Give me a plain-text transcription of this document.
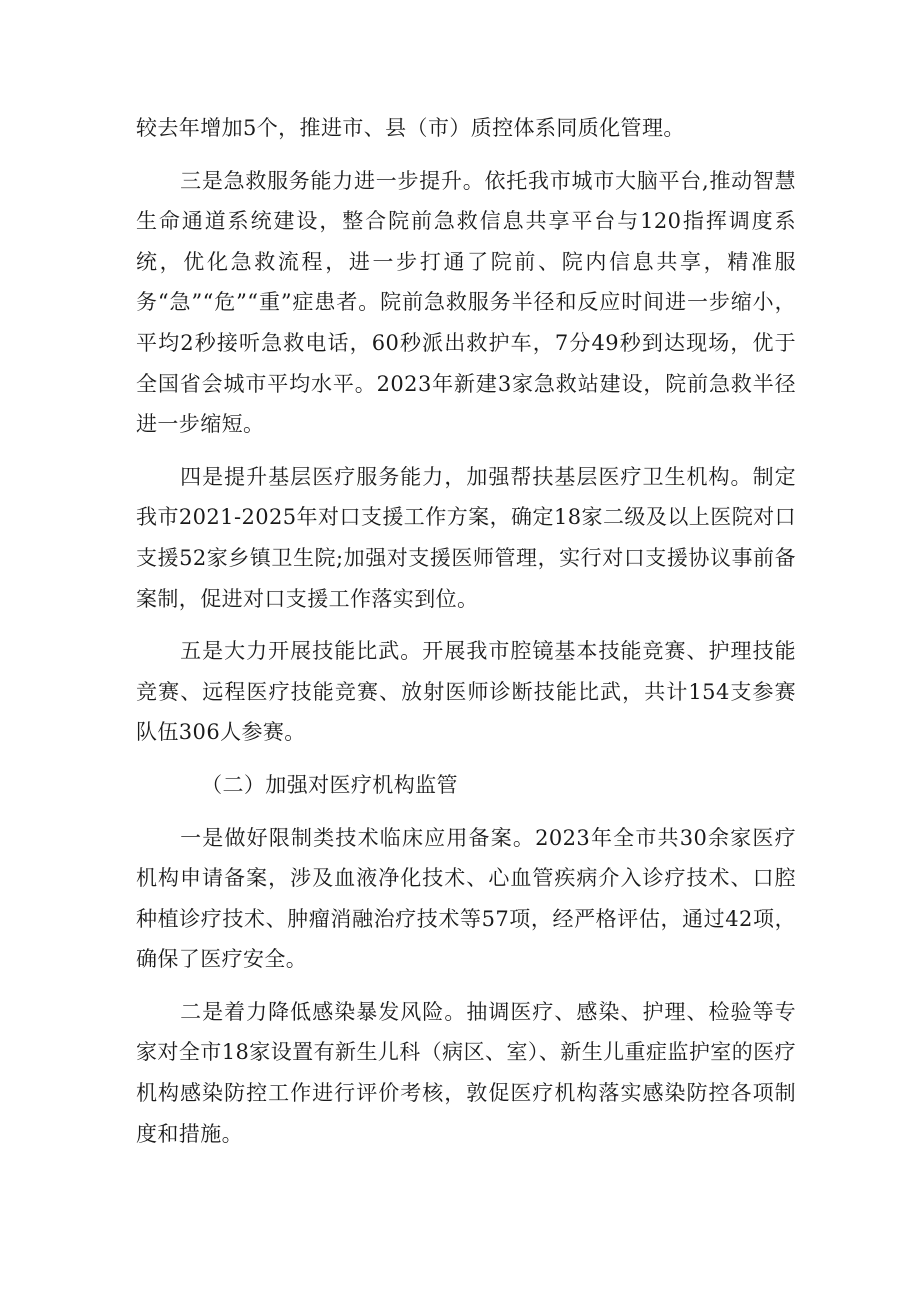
较去年增加5个，推进市、县（市）质控体系同质化管理。

三是急救服务能力进一步提升。依托我市城市大脑平台,推动智慧生命通道系统建设，整合院前急救信息共享平台与120指挥调度系统，优化急救流程，进一步打通了院前、院内信息共享，精准服务“急”“危”“重”症患者。院前急救服务半径和反应时间进一步缩小，平均2秒接听急救电话，60秒派出救护车，7分49秒到达现场，优于全国省会城市平均水平。2023年新建3家急救站建设，院前急救半径进一步缩短。

四是提升基层医疗服务能力，加强帮扶基层医疗卫生机构。制定我市2021-2025年对口支援工作方案，确定18家二级及以上医院对口支援52家乡镇卫生院;加强对支援医师管理，实行对口支援协议事前备案制，促进对口支援工作落实到位。

五是大力开展技能比武。开展我市腔镜基本技能竞赛、护理技能竞赛、远程医疗技能竞赛、放射医师诊断技能比武，共计154支参赛队伍306人参赛。

（二）加强对医疗机构监管

一是做好限制类技术临床应用备案。2023年全市共30余家医疗机构申请备案，涉及血液净化技术、心血管疾病介入诊疗技术、口腔种植诊疗技术、肿瘤消融治疗技术等57项，经严格评估，通过42项，确保了医疗安全。

二是着力降低感染暴发风险。抽调医疗、感染、护理、检验等专家对全市18家设置有新生儿科（病区、室）、新生儿重症监护室的医疗机构感染防控工作进行评价考核，敦促医疗机构落实感染防控各项制度和措施。
